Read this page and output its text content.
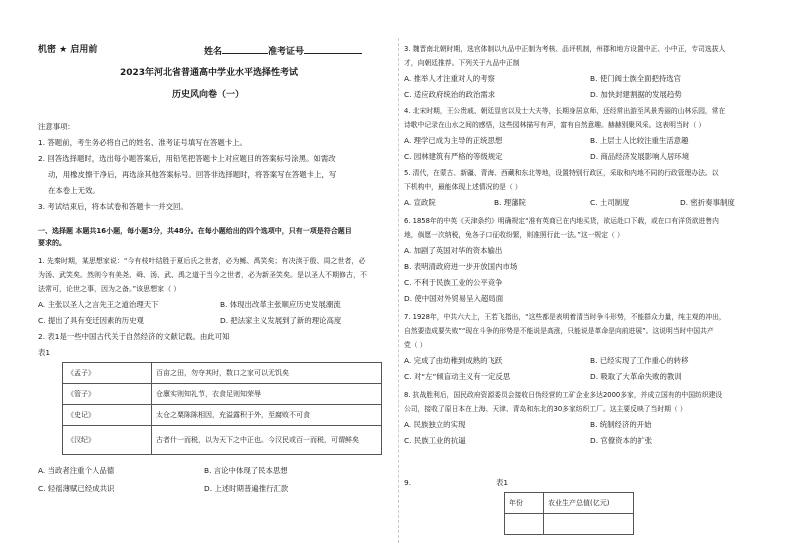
机密 ★ 启用前	姓名	准考证号
2023年河北省普通高中学业水平选择性考试
历史风向卷（一）
注意事项:
1. 答题前，考生务必将自己的姓名、准考证号填写在答题卡上。
2. 回答选择题时，选出每小题答案后，用铅笔把答题卡上对应题目的答案标号涂黑。如需改
动，用橡皮擦干净后，再选涂其他答案标号。回答非选择题时，将答案写在答题卡上，写
在本卷上无效。
3. 考试结束后，将本试卷和答题卡一并交回。
一、选择题 本题共16小题，每小题3分，共48分。在每小题给出的四个选项中，只有一项是符合题目
要求的。
1. 先秦时期，某思想家说：“今有枝叶结胜于夏后氏之世者，必为鲧、禹笑矣；有决渎于殷、周之世者，必
为汤、武笑矣。然则今有美尧、舜、汤、武、禹之道于当今之世者，必为新圣笑矣。是以圣人不期修古，不
法常可，论世之事，因为之备。”该思想家（ ）
A. 主张以圣人之言先王之道治理天下	B. 体现出改革主张顺应历史发展潮流
C. 提出了具有变迁因素的历史观	D. 把法家主义发展到了新的理论高度
2. 表1是一些中国古代关于自然经济的文献记载。由此可知
表1
《孟子》	百亩之田，勿夺其时，数口之家可以无饥矣
《管子》	仓廪实则知礼节，衣食足则知荣辱
《史记》	太仓之粟陈陈相因，充溢露积于外，至腐败不可食
《汉纪》	古者什一而税，以为天下之中正也。今汉民或百一而税，可谓鲜矣
A. 当政者注重个人品德	B. 言论中体现了民本思想
C. 轻徭薄赋已经成共识	D. 上述时期普遍推行汇款
3. 魏晋南北朝时期，选官体制以九品中正制为考核、品评机制，州郡和地方设置中正、小中正，专司选拔人
才，向朝廷推荐。下列关于九品中正制
A. 推举人才注重对人的考察	B. 使门阀士族全面把持选官
C. 适应政府统治的政治需求	D. 加快封建割据的发展趋势
4. 北宋时期，王公贵戚、朝廷显官以及士大夫等，长期身居京师，还经常出游至风景秀丽的山林乐园，常在
诗歌中记录在山水之间的感悟，这些园林描写有声，富有自然意趣。赫赫别聚风采。这表明当时（ ）
A. 理学已成为主导的正统思想	B. 上层士人比较注重生活意趣
C. 园林建筑有严格的等级规定	D. 商品经济发展影响人居环境
5. 清代，在蒙古、新疆、青海、西藏和东北等地，设置特别行政区，采取和内地不同的行政管理办法。以
下机构中，最能体现上述情况的是（ ）
A. 宣政院	B. 理藩院	C. 土司制度	D. 密折奏事制度
6. 1858年的中英《天津条约》明确规定“准有英商已在内地买货，欲运赴口下载，或在口有洋货欲进售内
地，倘愿一次纳税，免各子口征收纷繁，则准照行此一法。”这一规定（ ）
A. 加剧了英国对华的资本输出
B. 表明清政府进一步开放国内市场
C. 不利于民族工业的公平竞争
D. 使中国对外贸易呈入超局面
7. 1928年，中共六大上，王若飞指出，“这些都是表明着清当时争斗形势，不能群众力量，纯主观的冲出，
自然要造成要失败”“现在斗争的形势是不能说是高涨，只能说是革命是向前进展”。这说明当时中国共产
党（ ）
A. 完成了由幼稚到成熟的飞跃	B. 已经实现了工作重心的转移
C. 对“左”倾盲动主义有一定反思	D. 吸取了大革命失败的教训
8. 抗战胜利后，国民政府资源委员会接收日伪经营的工矿企业多达2000多家，并成立国有的中国纺织建设
公司，接收了原日本在上海、天津、青岛和东北的30多家纺织工厂。这主要反映了当时期（ ）
A. 民族独立的实现	B. 统制经济的开始
C. 民族工业的抗逼	D. 官僚资本的扩张
9.	表1
年份	农业生产总值(亿元)
